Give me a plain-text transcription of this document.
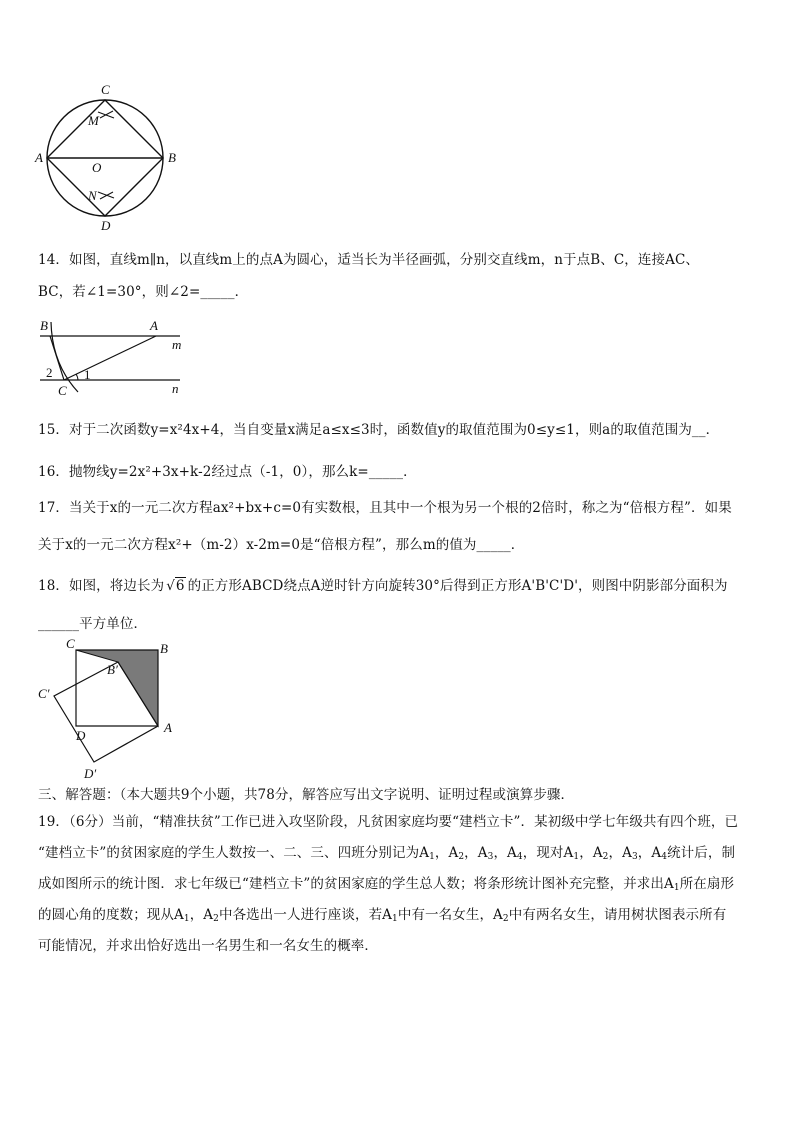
C
M
A
O
B
N
D
14．如图，直线m∥n，以直线m上的点A为圆心，适当长为半径画弧，分别交直线m，n于点B、C，连接AC、
BC，若∠1=30°，则∠2=_____．
B	A
m
2 1
C	n
15．对于二次函数y=x²4x+4，当自变量x满足a≤x≤3时，函数值y的取值范围为0≤y≤1，则a的取值范围为__．
16．抛物线y=2x²+3x+k-2经过点（-1，0），那么k=_____．
17．当关于x的一元二次方程ax²+bx+c=0有实数根，且其中一个根为另一个根的2倍时，称之为“倍根方程”．如果
关于x的一元二次方程x²+（m-2）x-2m=0是“倍根方程”，那么m的值为_____．
18．如图，将边长为 √6 的正方形ABCD绕点A逆时针方向旋转30°后得到正方形A'B'C'D'，则图中阴影部分面积为
______平方单位．
C	B
B′
C′
D
A
D′
三、解答题：（本大题共9个小题，共78分，解答应写出文字说明、证明过程或演算步骤．
19．（6分）当前，“精准扶贫”工作已进入攻坚阶段，凡贫困家庭均要“建档立卡”．某初级中学七年级共有四个班，已
“建档立卡”的贫困家庭的学生人数按一、二、三、四班分别记为$A_1$，$A_2$，$A_3$，$A_4$，现对$A_1$，$A_2$，$A_3$，$A_4$统计后，制
成如图所示的统计图．求七年级已“建档立卡”的贫困家庭的学生总人数；将条形统计图补充完整，并求出$A_1$所在扇形
的圆心角的度数；现从$A_1$，$A_2$中各选出一人进行座谈，若$A_1$中有一名女生，$A_2$中有两名女生，请用树状图表示所有
可能情况，并求出恰好选出一名男生和一名女生的概率．
